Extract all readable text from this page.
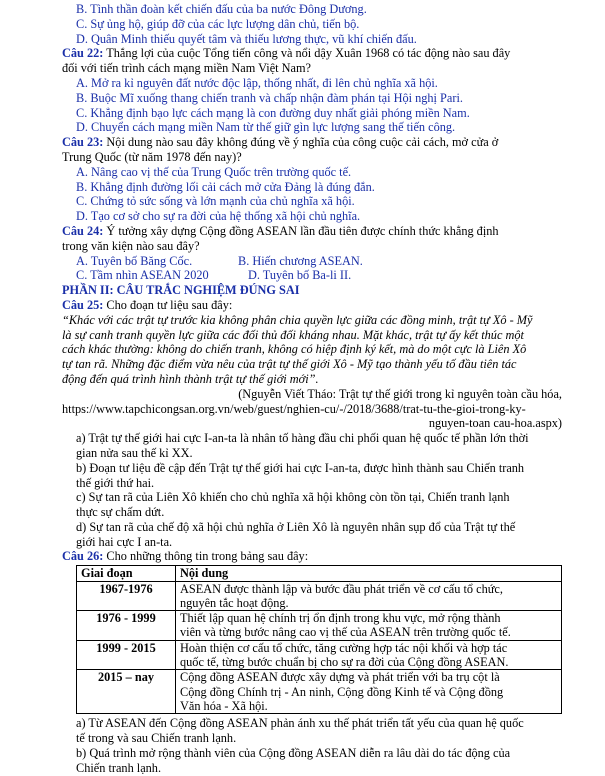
B. Tình thần đoàn kết chiến đấu của ba nước Đông Dương.
C. Sự ủng hộ, giúp đỡ của các lực lượng dân chủ, tiến bộ.
D. Quân Minh thiếu quyết tâm và thiếu lương thực, vũ khí chiến đấu.
Câu 22: Thắng lợi của cuộc Tổng tiến công và nổi dậy Xuân 1968 có tác động nào sau đây
đối với tiến trình cách mạng miền Nam Việt Nam?
A. Mở ra kỉ nguyên đất nước độc lập, thống nhất, đi lên chủ nghĩa xã hội.
B. Buộc Mĩ xuống thang chiến tranh và chấp nhận đàm phán tại Hội nghị Pari.
C. Khẳng định bạo lực cách mạng là con đường duy nhất giải phóng miền Nam.
D. Chuyển cách mạng miền Nam từ thế giữ gìn lực lượng sang thế tiến công.
Câu 23: Nội dung nào sau đây không đúng về ý nghĩa của công cuộc cải cách, mở cửa ở
Trung Quốc (từ năm 1978 đến nay)?
A. Nâng cao vị thế của Trung Quốc trên trường quốc tế.
B. Khẳng định đường lối cải cách mở cửa Đảng là đúng đắn.
C. Chứng tỏ sức sống và lớn mạnh của chủ nghĩa xã hội.
D. Tạo cơ sở cho sự ra đời của hệ thống xã hội chủ nghĩa.
Câu 24: Ý tưởng xây dựng Cộng đồng ASEAN lần đầu tiên được chính thức khẳng định
trong văn kiện nào sau đây?
A. Tuyên bố Băng Cốc.	B. Hiến chương ASEAN.
C. Tầm nhìn ASEAN 2020	D. Tuyên bố Ba-li II.
PHẦN II: CÂU TRẮC NGHIỆM ĐÚNG SAI
Câu 25: Cho đoạn tư liệu sau đây:
“Khác với các trật tự trước kia không phân chia quyền lực giữa các đồng minh, trật tự Xô - Mỹ
là sự canh tranh quyền lực giữa các đối thủ đối kháng nhau. Mặt khác, trật tự ấy kết thúc một
cách khác thường: không do chiến tranh, không có hiệp định ký kết, mà do một cực là Liên Xô
tự tan rã. Những đặc điểm vừa nêu của trật tự thế giới Xô - Mỹ tạo thành yếu tố đầu tiên tác
động đến quá trình hình thành trật tự thế giới mới”.
(Nguyễn Viết Tháo: Trật tự thế giới trong kỉ nguyên toàn cầu hóa,
https://www.tapchicongsan.org.vn/web/guest/nghien-cu/-/2018/3688/trat-tu-the-gioi-trong-ky-
nguyen-toan cau-hoa.aspx)
a) Trật tự thế giới hai cực I-an-ta là nhân tố hàng đầu chi phối quan hệ quốc tế phần lớn thời
gian nửa sau thế kỉ XX.
b) Đoạn tư liệu đề cập đến Trật tự thế giới hai cực I-an-ta, được hình thành sau Chiến tranh
thế giới thứ hai.
c) Sự tan rã của Liên Xô khiến cho chủ nghĩa xã hội không còn tồn tại, Chiến tranh lạnh
thực sự chấm dứt.
d) Sự tan rã của chế độ xã hội chủ nghĩa ở Liên Xô là nguyên nhân sụp đổ của Trật tự thế
giới hai cực I an-ta.
Câu 26: Cho những thông tin trong bảng sau đây:
Giai đoạn	Nội dung
1967-1976	ASEAN được thành lập và bước đầu phát triển về cơ cấu tổ chức,
nguyên tắc hoạt động.

1976 - 1999	Thiết lập quan hệ chính trị ổn định trong khu vực, mở rộng thành
viên và từng bước nâng cao vị thế của ASEAN trên trường quốc tế.

1999 - 2015	Hoàn thiện cơ cấu tổ chức, tăng cường hợp tác nội khối và hợp tác
quốc tế, từng bước chuẩn bị cho sự ra đời của Cộng đồng ASEAN.

2015 – nay	Cộng đồng ASEAN được xây dựng và phát triển với ba trụ cột là
Cộng đồng Chính trị - An ninh, Cộng đồng Kinh tế và Cộng đồng
Văn hóa - Xã hội.
a) Từ ASEAN đến Cộng đồng ASEAN phản ánh xu thế phát triển tất yếu của quan hệ quốc
tế trong và sau Chiến tranh lạnh.
b) Quá trình mở rộng thành viên của Cộng đồng ASEAN diễn ra lâu dài do tác động của
Chiến tranh lạnh.
